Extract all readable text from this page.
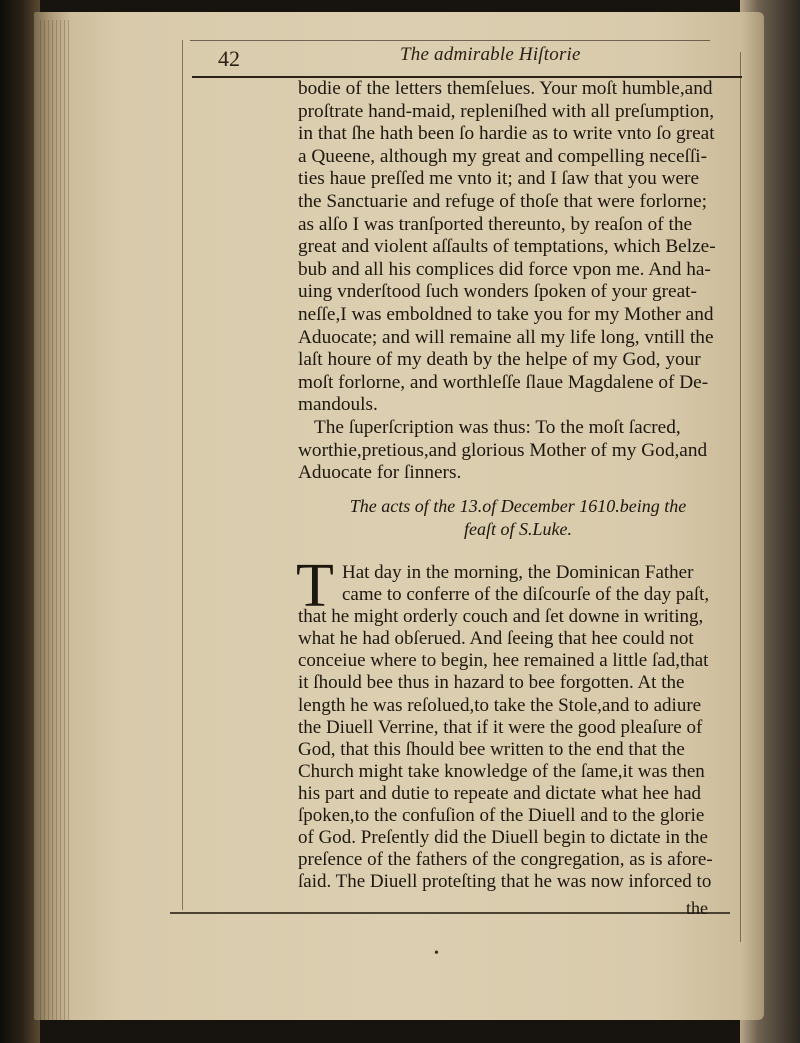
42	The admirable Hiſtorie
bodie of the letters themſelues. Your moſt humble,and
proſtrate hand-maid, repleniſhed with all preſumption,
in that ſhe hath been ſo hardie as to write vnto ſo great
a Queene, although my great and compelling neceſſi-
ties haue preſſed me vnto it; and I ſaw that you were
the Sanctuarie and refuge of thoſe that were forlorne;
as alſo I was tranſported thereunto, by reaſon of the
great and violent aſſaults of temptations, which Belze-
bub and all his complices did force vpon me. And ha-
uing vnderſtood ſuch wonders ſpoken of your great-
neſſe,I was emboldned to take you for my Mother and
Aduocate; and will remaine all my life long, vntill the
laſt houre of my death by the helpe of my God, your
moſt forlorne, and worthleſſe ſlaue Magdalene of De-
mandouls.
The ſuperſcription was thus: To the moſt ſacred,
worthie,pretious,and glorious Mother of my God,and
Aduocate for ſinners.
The acts of the 13.of December 1610.being the
feaſt of S.Luke.
T Hat day in the morning, the Dominican Father
came to conferre of the diſcourſe of the day paſt,
that he might orderly couch and ſet downe in writing,
what he had obſerued. And ſeeing that hee could not
conceiue where to begin, hee remained a little ſad,that
it ſhould bee thus in hazard to bee forgotten. At the
length he was reſolued,to take the Stole,and to adiure
the Diuell Verrine, that if it were the good pleaſure of
God, that this ſhould bee written to the end that the
Church might take knowledge of the ſame,it was then
his part and dutie to repeate and dictate what hee had
ſpoken,to the confuſion of the Diuell and to the glorie
of God. Preſently did the Diuell begin to dictate in the
preſence of the fathers of the congregation, as is afore-
ſaid. The Diuell proteſting that he was now inforced to
the
•
